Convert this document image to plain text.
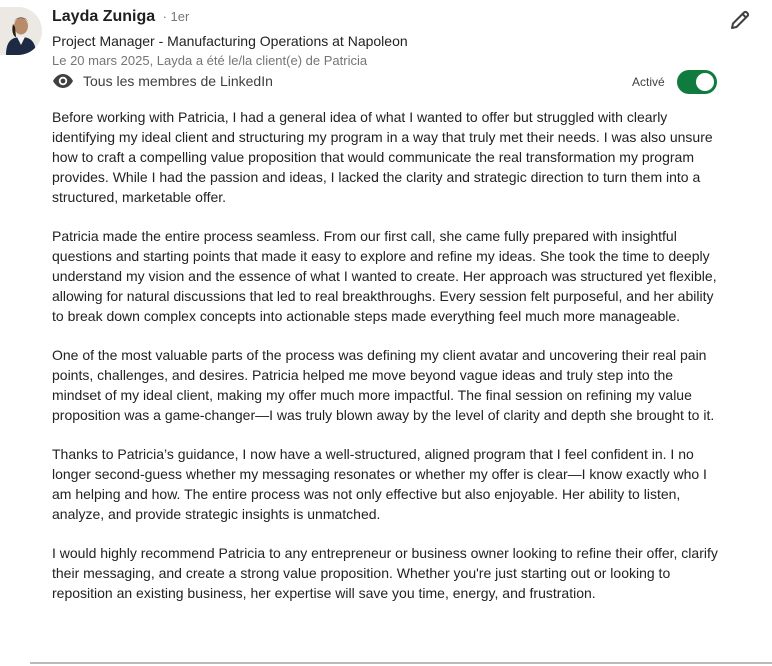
Layda Zuniga · 1er
Project Manager - Manufacturing Operations at Napoleon
Le 20 mars 2025, Layda a été le/la client(e) de Patricia
Tous les membres de LinkedIn	Activé

Before working with Patricia, I had a general idea of what I wanted to offer but struggled with clearly identifying my ideal client and structuring my program in a way that truly met their needs. I was also unsure how to craft a compelling value proposition that would communicate the real transformation my program provides. While I had the passion and ideas, I lacked the clarity and strategic direction to turn them into a structured, marketable offer.

Patricia made the entire process seamless. From our first call, she came fully prepared with insightful questions and starting points that made it easy to explore and refine my ideas. She took the time to deeply understand my vision and the essence of what I wanted to create. Her approach was structured yet flexible, allowing for natural discussions that led to real breakthroughs. Every session felt purposeful, and her ability to break down complex concepts into actionable steps made everything feel much more manageable.

One of the most valuable parts of the process was defining my client avatar and uncovering their real pain points, challenges, and desires. Patricia helped me move beyond vague ideas and truly step into the mindset of my ideal client, making my offer much more impactful. The final session on refining my value proposition was a game-changer—I was truly blown away by the level of clarity and depth she brought to it.

Thanks to Patricia’s guidance, I now have a well-structured, aligned program that I feel confident in. I no longer second-guess whether my messaging resonates or whether my offer is clear—I know exactly who I am helping and how. The entire process was not only effective but also enjoyable. Her ability to listen, analyze, and provide strategic insights is unmatched.

I would highly recommend Patricia to any entrepreneur or business owner looking to refine their offer, clarify their messaging, and create a strong value proposition. Whether you're just starting out or looking to reposition an existing business, her expertise will save you time, energy, and frustration.
